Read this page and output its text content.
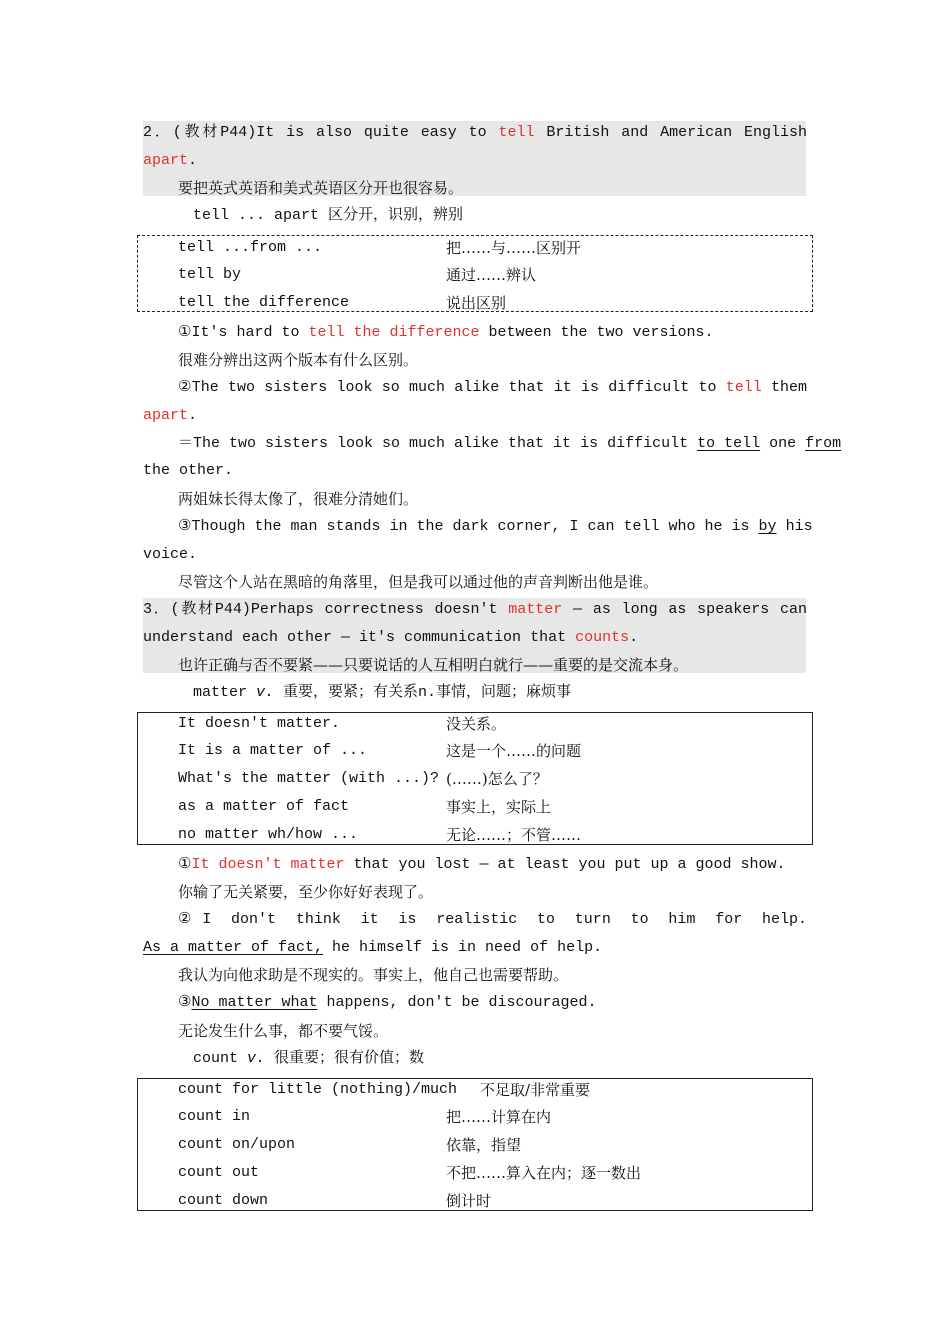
2．(教材P44)It is also quite easy to tell British and American English
apart.
要把英式英语和美式英语区分开也很容易。
tell ... apart 区分开，识别，辨别
tell ...from ...	把……与……区别开
tell by	通过……辨认
tell the difference	说出区别
①It's hard to tell the difference between the two versions.
很难分辨出这两个版本有什么区别。
②The two sisters look so much alike that it is difficult to tell them
apart.
＝The two sisters look so much alike that it is difficult to tell one from
the other.
两姐妹长得太像了，很难分清她们。
③Though the man stands in the dark corner, I can tell who he is by his
voice.
尽管这个人站在黑暗的角落里，但是我可以通过他的声音判断出他是谁。
3．(教材P44)Perhaps correctness doesn't matter — as long as speakers can
understand each other — it's communication that counts.
也许正确与否不要紧——只要说话的人互相明白就行——重要的是交流本身。
matter v. 重要，要紧；有关系n.事情，问题；麻烦事
It doesn't matter.	没关系。
It is a matter of ...	这是一个……的问题
What's the matter (with ...)? (……)怎么了？
as a matter of fact	事实上，实际上
no matter wh/how ...	无论……；不管……
①It doesn't matter that you lost — at least you put up a good show.
你输了无关紧要，至少你好好表现了。
②I don't think it is realistic to turn to him for help.
As a matter of fact, he himself is in need of help.
我认为向他求助是不现实的。事实上，他自己也需要帮助。
③No matter what happens, don't be discouraged.
无论发生什么事，都不要气馁。
count v. 很重要；很有价值；数
count for little (nothing)/much 不足取/非常重要
count in	把……计算在内
count on/upon	依靠，指望
count out	不把……算入在内；逐一数出
count down	倒计时
